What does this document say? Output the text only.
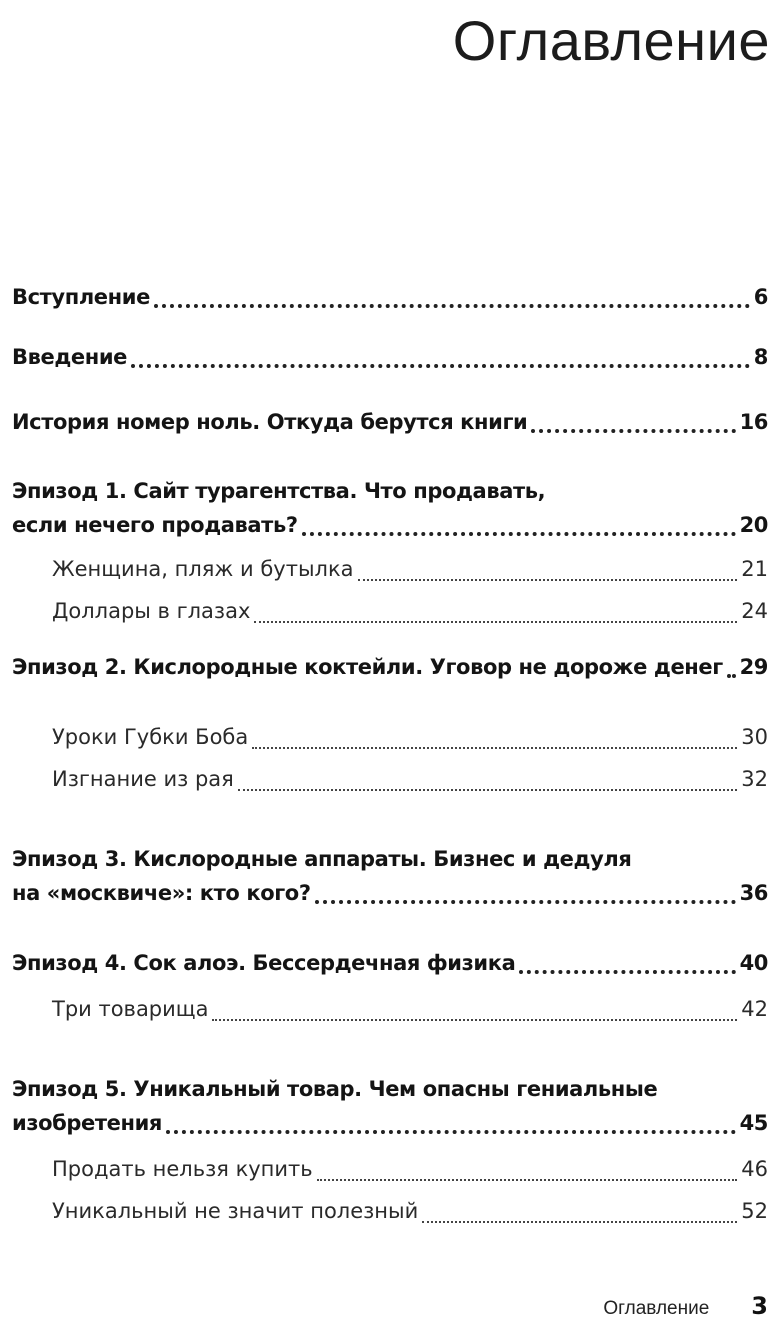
Оглавление
Вступление	6
Введение	8
История номер ноль. Откуда берутся книги	16
Эпизод 1. Сайт турагентства. Что продавать,
если нечего продавать?	20
Женщина, пляж и бутылка	21
Доллары в глазах	24
Эпизод 2. Кислородные коктейли. Уговор не дороже денег 29
Уроки Губки Боба	30
Изгнание из рая	32
Эпизод 3. Кислородные аппараты. Бизнес и дедуля
на «москвиче»: кто кого?	36
Эпизод 4. Сок алоэ. Бессердечная физика	40
Три товарища	42
Эпизод 5. Уникальный товар. Чем опасны гениальные
изобретения	45
Продать нельзя купить	46
Уникальный не значит полезный	52
Оглавление 3
